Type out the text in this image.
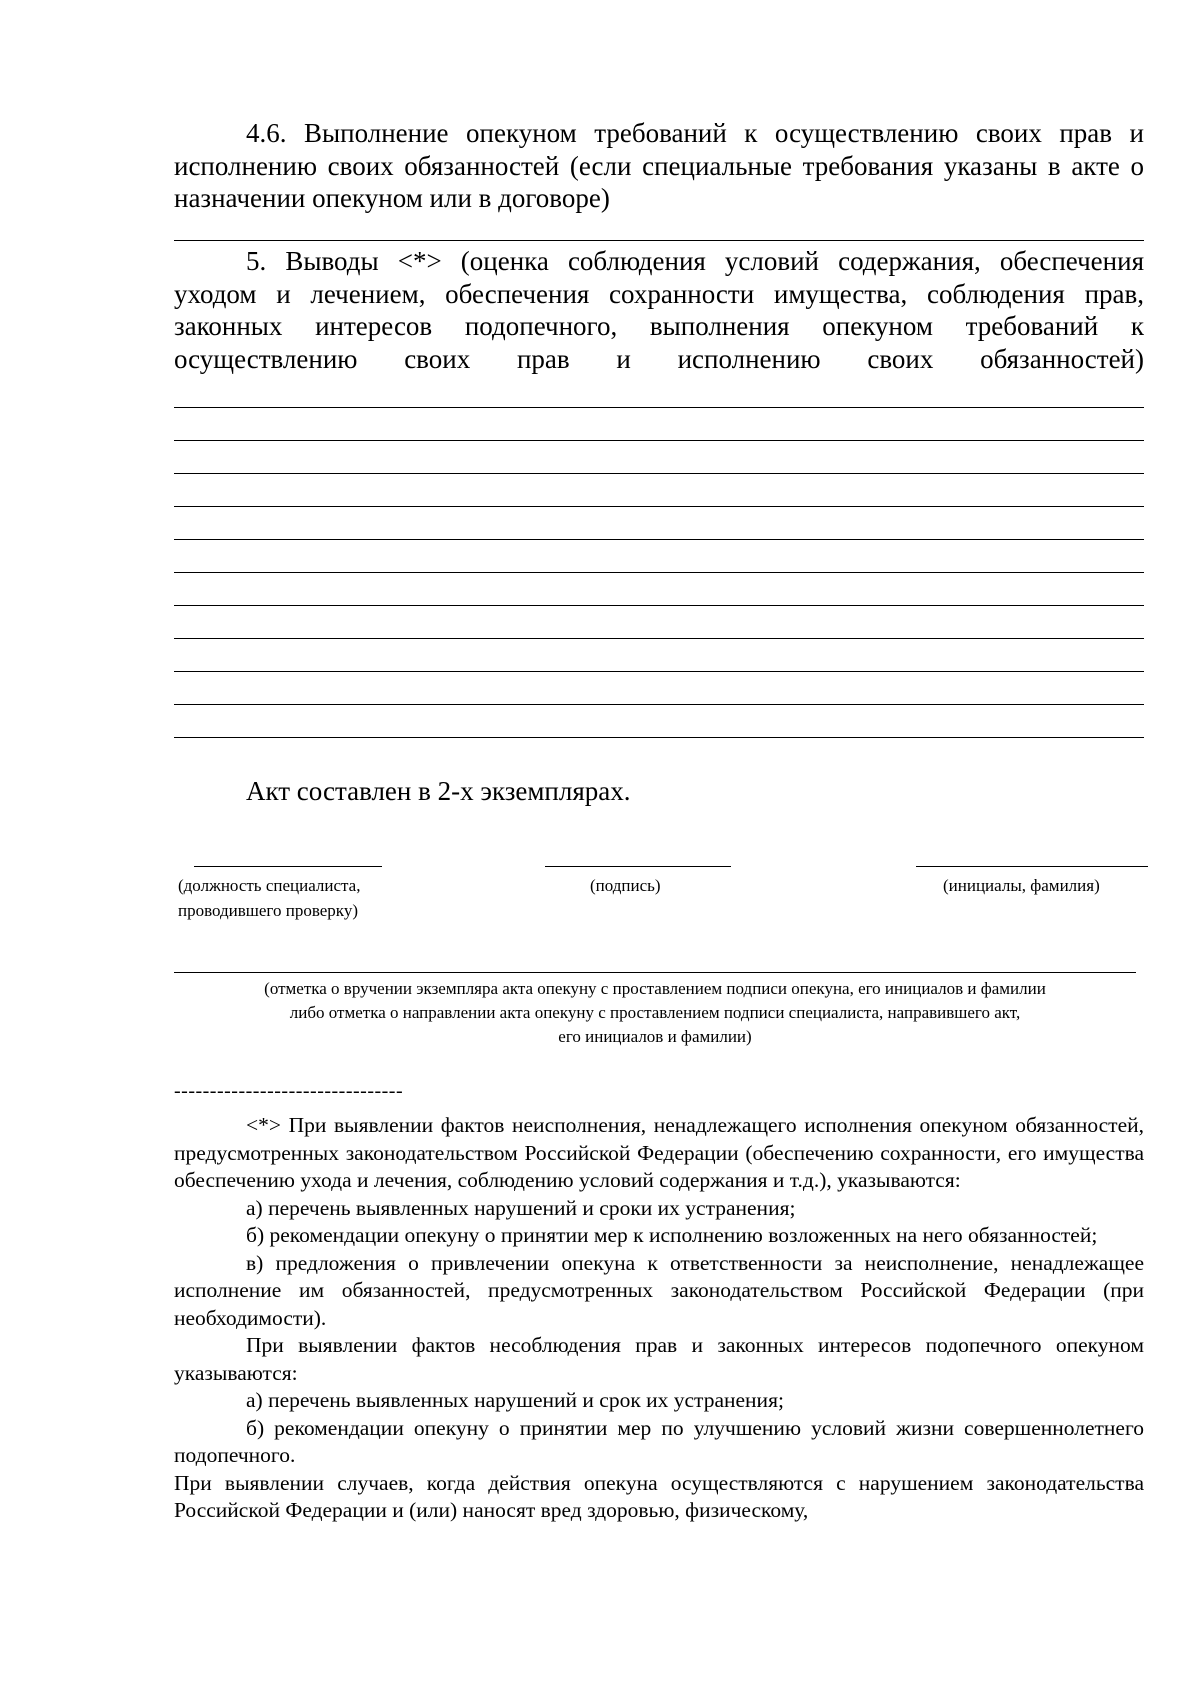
4.6. Выполнение опекуном требований к осуществлению своих прав и исполнению своих обязанностей (если специальные требования указаны в акте о назначении опекуном или в договоре)

5. Выводы <*> (оценка соблюдения условий содержания, обеспечения уходом и лечением, обеспечения сохранности имущества, соблюдения прав, законных интересов подопечного, выполнения опекуном требований к осуществлению своих прав и исполнению своих обязанностей)

Акт составлен в 2-х экземплярах.

(должность специалиста,
проводившего проверку)
(подпись)	(инициалы, фамилия)
(отметка о вручении экземпляра акта опекуну с проставлением подписи опекуна, его инициалов и фамилии
либо отметка о направлении акта опекуну с проставлением подписи специалиста, направившего акт,
его инициалов и фамилии)
--------------------------------

<*> При выявлении фактов неисполнения, ненадлежащего исполнения опекуном обязанностей, предусмотренных законодательством Российской Федерации (обеспечению сохранности, его имущества обеспечению ухода и лечения, соблюдению условий содержания и т.д.), указываются:

а) перечень выявленных нарушений и сроки их устранения;

б) рекомендации опекуну о принятии мер к исполнению возложенных на него обязанностей;

в) предложения о привлечении опекуна к ответственности за неисполнение, ненадлежащее исполнение им обязанностей, предусмотренных законодательством Российской Федерации (при необходимости).

При выявлении фактов несоблюдения прав и законных интересов подопечного опекуном указываются:

а) перечень выявленных нарушений и срок их устранения;

б) рекомендации опекуну о принятии мер по улучшению условий жизни совершеннолетнего подопечного.

При выявлении случаев, когда действия опекуна осуществляются с нарушением законодательства Российской Федерации и (или) наносят вред здоровью, физическому,
